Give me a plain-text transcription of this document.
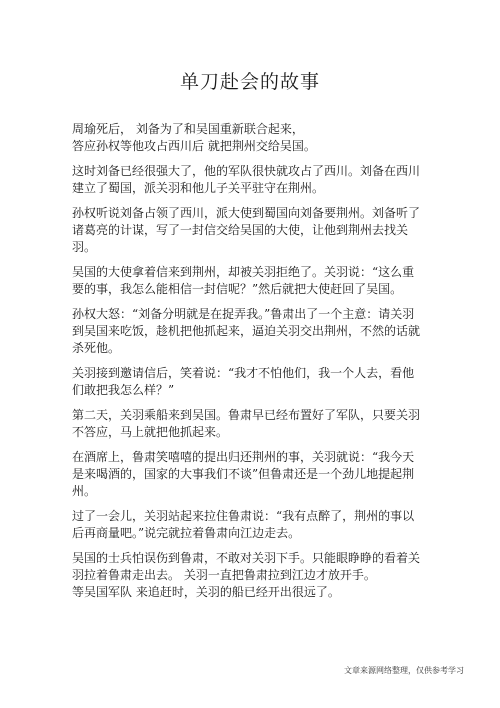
单刀赴会的故事

周瑜死后， 刘备为了和吴国重新联合起来，
答应孙权等他攻占西川后 就把荆州交给吴国。

这时刘备已经很强大了，他的军队很快就攻占了西川。刘备在西川建立了蜀国，派关羽和他儿子关平驻守在荆州。

孙权听说刘备占领了西川，派大使到蜀国向刘备要荆州。刘备听了诸葛亮的计谋，写了一封信交给吴国的大使，让他到荆州去找关羽。

吴国的大使拿着信来到荆州，却被关羽拒绝了。关羽说：“这么重要的事，我怎么能相信一封信呢？”然后就把大使赶回了吴国。

孙权大怒：“刘备分明就是在捉弄我。”鲁肃出了一个主意：请关羽到吴国来吃饭，趁机把他抓起来，逼迫关羽交出荆州，不然的话就杀死他。

关羽接到邀请信后，笑着说：“我才不怕他们，我一个人去，看他们敢把我怎么样？”

第二天，关羽乘船来到吴国。鲁肃早已经布置好了军队，只要关羽不答应，马上就把他抓起来。

在酒席上，鲁肃笑嘻嘻的提出归还荆州的事，关羽就说：“我今天是来喝酒的，国家的大事我们不谈”但鲁肃还是一个劲儿地提起荆州。

过了一会儿，关羽站起来拉住鲁肃说：“我有点醉了，荆州的事以后再商量吧。”说完就拉着鲁肃向江边走去。

吴国的士兵怕误伤到鲁肃，不敢对关羽下手。只能眼睁睁的看着关羽拉着鲁肃走出去。 关羽一直把鲁肃拉到江边才放开手。

等吴国军队 来追赶时，关羽的船已经开出很远了。

文章来源网络整理，仅供参考学习
